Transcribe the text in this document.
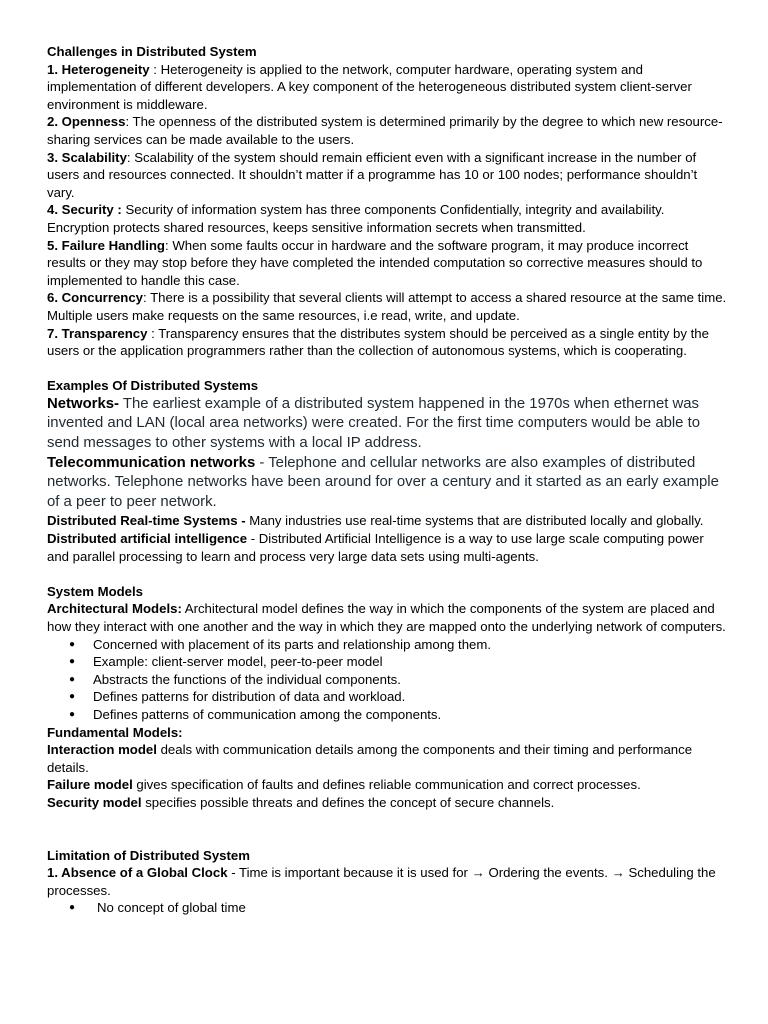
Challenges in Distributed System

1. Heterogeneity : Heterogeneity is applied to the network, computer hardware, operating system and implementation of different developers. A key component of the heterogeneous distributed system client-server environment is middleware.

2. Openness: The openness of the distributed system is determined primarily by the degree to which new resource-sharing services can be made available to the users.

3. Scalability: Scalability of the system should remain efficient even with a significant increase in the number of users and resources connected. It shouldn’t matter if a programme has 10 or 100 nodes; performance shouldn’t vary.

4. Security : Security of information system has three components Confidentially, integrity and availability. Encryption protects shared resources, keeps sensitive information secrets when transmitted.

5. Failure Handling: When some faults occur in hardware and the software program, it may produce incorrect results or they may stop before they have completed the intended computation so corrective measures should to implemented to handle this case.

6. Concurrency: There is a possibility that several clients will attempt to access a shared resource at the same time. Multiple users make requests on the same resources, i.e read, write, and update.

7. Transparency : Transparency ensures that the distributes system should be perceived as a single entity by the users or the application programmers rather than the collection of autonomous systems, which is cooperating.

Examples Of Distributed Systems

Networks- The earliest example of a distributed system happened in the 1970s when ethernet was invented and LAN (local area networks) were created. For the first time computers would be able to send messages to other systems with a local IP address.

Telecommunication networks - Telephone and cellular networks are also examples of distributed networks. Telephone networks have been around for over a century and it started as an early example of a peer to peer network.

Distributed Real-time Systems - Many industries use real-time systems that are distributed locally and globally.

Distributed artificial intelligence - Distributed Artificial Intelligence is a way to use large scale computing power and parallel processing to learn and process very large data sets using multi-agents.

System Models

Architectural Models: Architectural model defines the way in which the components of the system are placed and how they interact with one another and the way in which they are mapped onto the underlying network of computers.

● Concerned with placement of its parts and relationship among them.
● Example: client-server model, peer-to-peer model
● Abstracts the functions of the individual components.
● Defines patterns for distribution of data and workload.
● Defines patterns of communication among the components.
Fundamental Models:

Interaction model deals with communication details among the components and their timing and performance details.

Failure model gives specification of faults and defines reliable communication and correct processes.

Security model specifies possible threats and defines the concept of secure channels.

Limitation of Distributed System

1. Absence of a Global Clock - Time is important because it is used for → Ordering the events. → Scheduling the processes.

● No concept of global time
